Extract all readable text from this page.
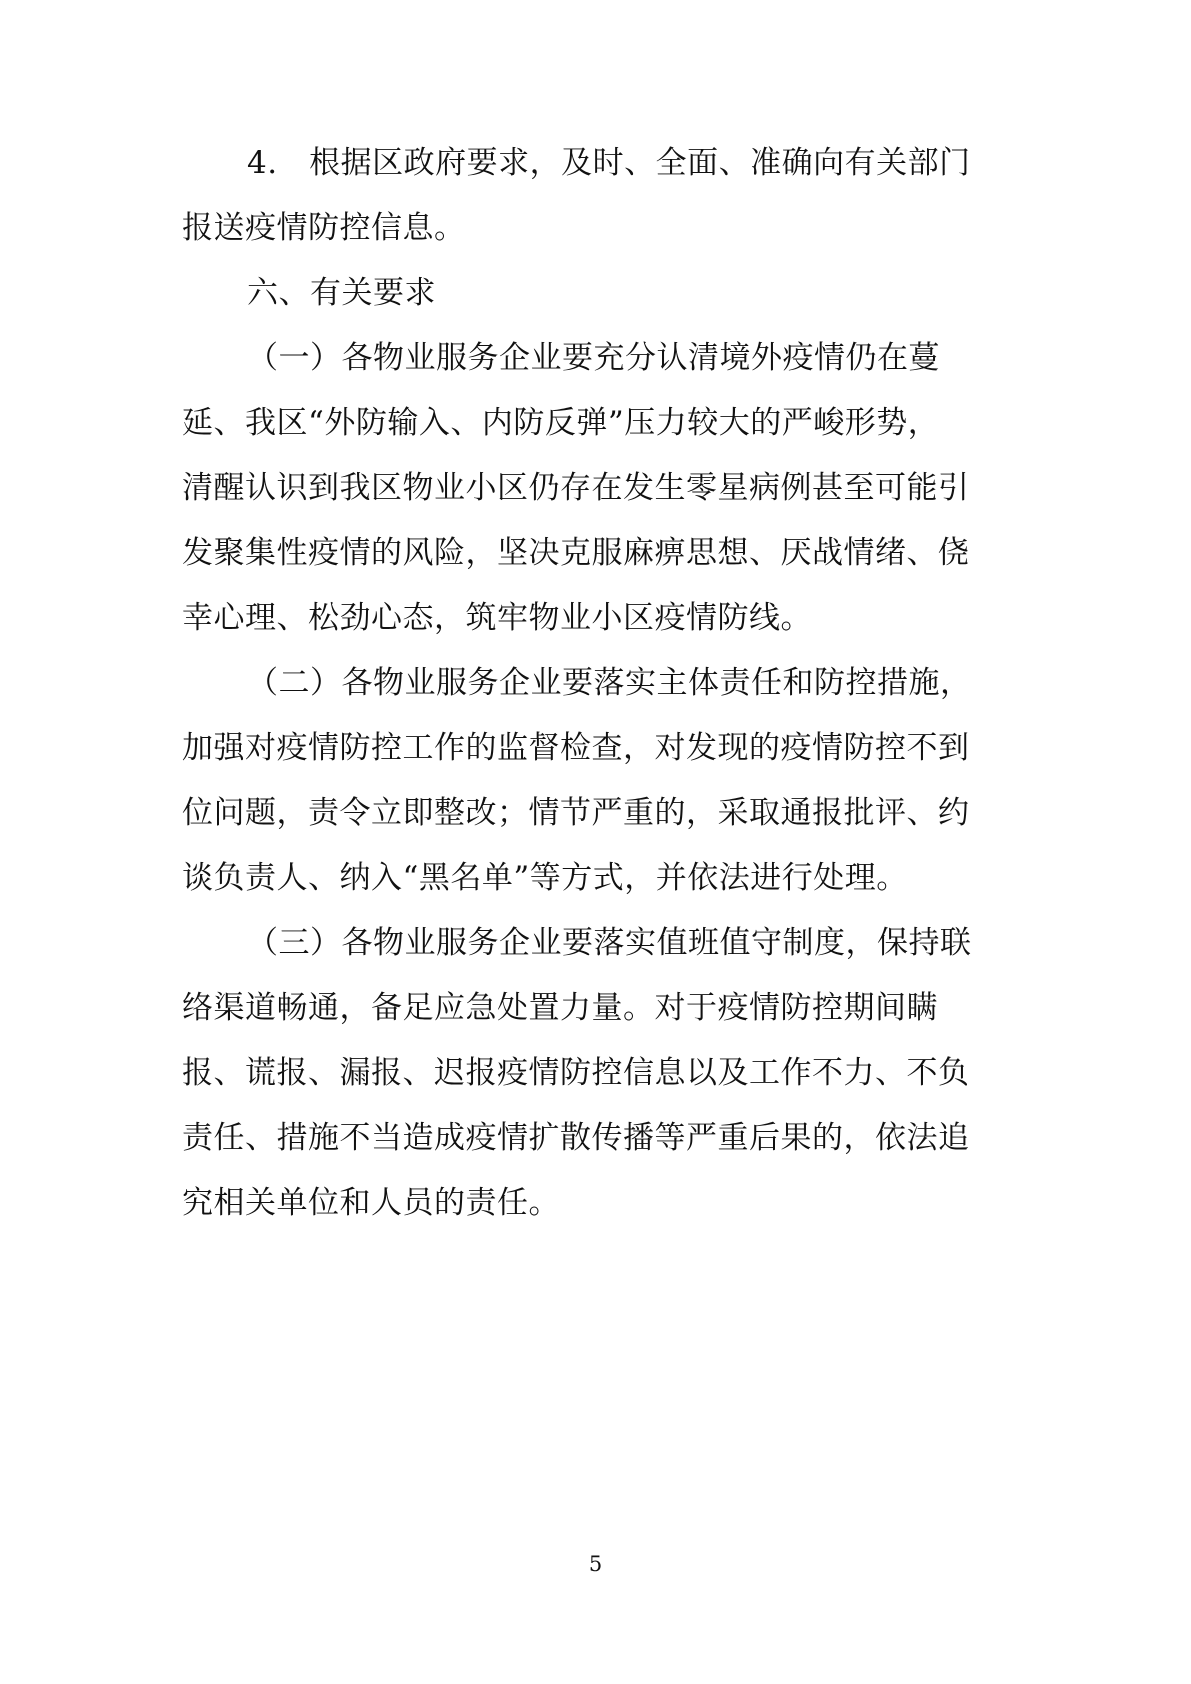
4.　根据区政府要求，及时、全面、准确向有关部门
报送疫情防控信息。
六、有关要求
（一）各物业服务企业要充分认清境外疫情仍在蔓
延、我区“外防输入、内防反弹”压力较大的严峻形势，
清醒认识到我区物业小区仍存在发生零星病例甚至可能引
发聚集性疫情的风险，坚决克服麻痹思想、厌战情绪、侥
幸心理、松劲心态，筑牢物业小区疫情防线。
（二）各物业服务企业要落实主体责任和防控措施，
加强对疫情防控工作的监督检查，对发现的疫情防控不到
位问题，责令立即整改；情节严重的，采取通报批评、约
谈负责人、纳入“黑名单”等方式，并依法进行处理。
（三）各物业服务企业要落实值班值守制度，保持联
络渠道畅通，备足应急处置力量。对于疫情防控期间瞒
报、谎报、漏报、迟报疫情防控信息以及工作不力、不负
责任、措施不当造成疫情扩散传播等严重后果的，依法追
究相关单位和人员的责任。
5
